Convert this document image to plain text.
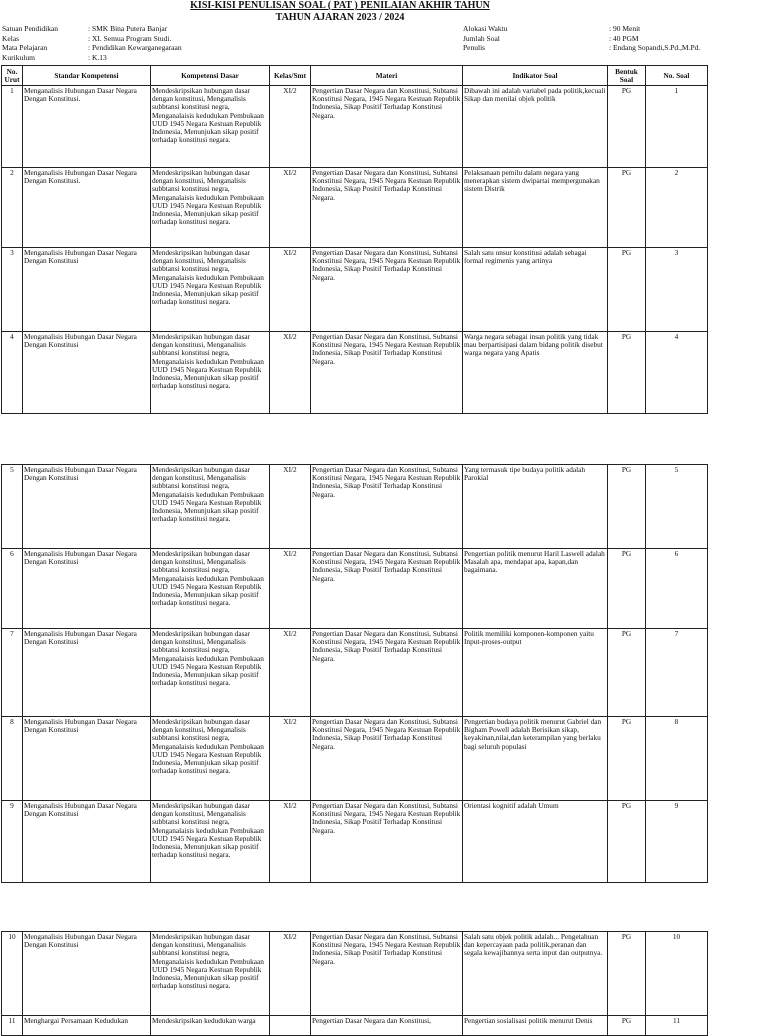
KISI-KISI PENULISAN SOAL ( PAT ) PENILAIAN AKHIR TAHUN
TAHUN AJARAN 2023 / 2024
Satuan Pendidikan	: SMK Bina Putera Banjar
Kelas	: XI. Semua Program Studi.
Mata Pelajaran	: Pendidikan Kewarganegaraan
Kurikulum	: K.13
Alokasi Waktu	: 90 Menit
Jumlah Soal	: 40 PGM
Penulis	: Endang Sopandi,S.Pd.,M.Pd.
No. Urut	Standar Kompetensi	Kompetensi Dasar	Kelas/Smt	Materi	Indikator Soal	Bentuk Soal	No. Soal
1	Menganalisis Hubungan Dasar Negara Dengan Konstitusi.	Mendeskripsikan hubungan dasar dengan konstitusi, Menganalisis subbtansi konstitusi negra, Menganalaisis kedudukan Pembukaan UUD 1945 Negara Kestuan Republik Indonesia, Menunjukan sikap positif terhadap konstitusi negara.	XI/2	Pengertian Dasar Negara dan Konstitusi, Subtansi Konstitusi Negara, 1945 Negara Kestuan Republik Indonesia, Sikap Positif Terhadap Konstitusi Negara.	Dibawah ini adalah variabel pada politik,kecuali Sikap dan menilai objek politik	PG	1
2	Menganalisis Hubungan Dasar Negara Dengan Konstitusi.	Mendeskripsikan hubungan dasar dengan konstitusi, Menganalisis subbtansi konstitusi negra, Menganalaisis kedudukan Pembukaan UUD 1945 Negara Kestuan Republik Indonesia, Menunjukan sikap positif terhadap konstitusi negara.	XI/2	Pengertian Dasar Negara dan Konstitusi, Subtansi Konstitusi Negara, 1945 Negara Kestuan Republik Indonesia, Sikap Positif Terhadap Konstitusi Negara.	Pelaksanaan pemilu dalam negara yang menerapkan sistem dwipartai mempergunakan sistem Distrik	PG	2
3	Menganalisis Hubungan Dasar Negara Dengan Konstitusi	Mendeskripsikan hubungan dasar dengan konstitusi, Menganalisis subbtansi konstitusi negra, Menganalaisis kedudukan Pembukaan UUD 1945 Negara Kestuan Republik Indonesia, Menunjukan sikap positif terhadap konstitusi negara.	XI/2	Pengertian Dasar Negara dan Konstitusi, Subtansi Konstitusi Negara, 1945 Negara Kestuan Republik Indonesia, Sikap Positif Terhadap Konstitusi Negara.	Salah satu unsur konstitusi adalah sebagai formal regimenis yang artinya	PG	3
4	Menganalisis Hubungan Dasar Negara Dengan Konstitusi	Mendeskripsikan hubungan dasar dengan konstitusi, Menganalisis subbtansi konstitusi negra, Menganalaisis kedudukan Pembukaan UUD 1945 Negara Kestuan Republik Indonesia, Menunjukan sikap positif terhadap konstitusi negara.	XI/2	Pengertian Dasar Negara dan Konstitusi, Subtansi Konstitusi Negara, 1945 Negara Kestuan Republik Indonesia, Sikap Positif Terhadap Konstitusi Negara.	Warga negara sebagai insan politik yang tidak mau berpartisipasi dalam bidang politik disebut warga negara yang Apatis	PG	4
5	Menganalisis Hubungan Dasar Negara Dengan Konstitusi	Mendeskripsikan hubungan dasar dengan konstitusi, Menganalisis subbtansi konstitusi negra, Menganalaisis kedudukan Pembukaan UUD 1945 Negara Kestuan Republik Indonesia, Menunjukan sikap positif terhadap konstitusi negara.	XI/2	Pengertian Dasar Negara dan Konstitusi, Subtansi Konstitusi Negara, 1945 Negara Kestuan Republik Indonesia, Sikap Positif Terhadap Konstitusi Negara.	Yang termasuk tipe budaya politik adalah Parokial	PG	5
6	Menganalisis Hubungan Dasar Negara Dengan Konstitusi	Mendeskripsikan hubungan dasar dengan konstitusi, Menganalisis subbtansi konstitusi negra, Menganalaisis kedudukan Pembukaan UUD 1945 Negara Kestuan Republik Indonesia, Menunjukan sikap positif terhadap konstitusi negara.	XI/2	Pengertian Dasar Negara dan Konstitusi, Subtansi Konstitusi Negara, 1945 Negara Kestuan Republik Indonesia, Sikap Positif Terhadap Konstitusi Negara.	Pengertian politik menurut Haril Laswell adalah Masalah apa, mendapat apa, kapan,dan bagaimana.	PG	6
7	Menganalisis Hubungan Dasar Negara Dengan Konstitusi	Mendeskripsikan hubungan dasar dengan konstitusi, Menganalisis subbtansi konstitusi negra, Menganalaisis kedudukan Pembukaan UUD 1945 Negara Kestuan Republik Indonesia, Menunjukan sikap positif terhadap konstitusi negara.	XI/2	Pengertian Dasar Negara dan Konstitusi, Subtansi Konstitusi Negara, 1945 Negara Kestuan Republik Indonesia, Sikap Positif Terhadap Konstitusi Negara.	Politik memiliki komponen-komponen yaitu Input-proses-output	PG	7
8	Menganalisis Hubungan Dasar Negara Dengan Konstitusi	Mendeskripsikan hubungan dasar dengan konstitusi, Menganalisis subbtansi konstitusi negra, Menganalaisis kedudukan Pembukaan UUD 1945 Negara Kestuan Republik Indonesia, Menunjukan sikap positif terhadap konstitusi negara.	XI/2	Pengertian Dasar Negara dan Konstitusi, Subtansi Konstitusi Negara, 1945 Negara Kestuan Republik Indonesia, Sikap Positif Terhadap Konstitusi Negara.	Pengertian budaya politik menurut Gabriel dan Bigham Powell adalah Berisikan sikap, keyakinan,nilai,dan keterampilan yang berlaku bagi seluruh populasi	PG	8
9	Menganalisis Hubungan Dasar Negara Dengan Konstitusi	Mendeskripsikan hubungan dasar dengan konstitusi, Menganalisis subbtansi konstitusi negra, Menganalaisis kedudukan Pembukaan UUD 1945 Negara Kestuan Republik Indonesia, Menunjukan sikap positif terhadap konstitusi negara.	XI/2	Pengertian Dasar Negara dan Konstitusi, Subtansi Konstitusi Negara, 1945 Negara Kestuan Republik Indonesia, Sikap Positif Terhadap Konstitusi Negara.	Orientasi kognitif adalah Umum	PG	9
10	Menganalisis Hubungan Dasar Negara Dengan Konstitusi	Mendeskripsikan hubungan dasar dengan konstitusi, Menganalisis subbtansi konstitusi negra, Menganalaisis kedudukan Pembukaan UUD 1945 Negara Kestuan Republik Indonesia, Menunjukan sikap positif terhadap konstitusi negara.	XI/2	Pengertian Dasar Negara dan Konstitusi, Subtansi Konstitusi Negara, 1945 Negara Kestuan Republik Indonesia, Sikap Positif Terhadap Konstitusi Negara.	Salah satu objek politik adalah... Pengetahuan dan kepercayaan pada politik,peranan dan segala kewajibannya serta input dan outputnya.	PG	10
11	Menghargai Persamaan Kedudukan	Mendeskripsikan kedudukan warga		Pengertian Dasar Negara dan Konstitusi,	Pengertian sosialisasi politik menurut Denis	PG	11
